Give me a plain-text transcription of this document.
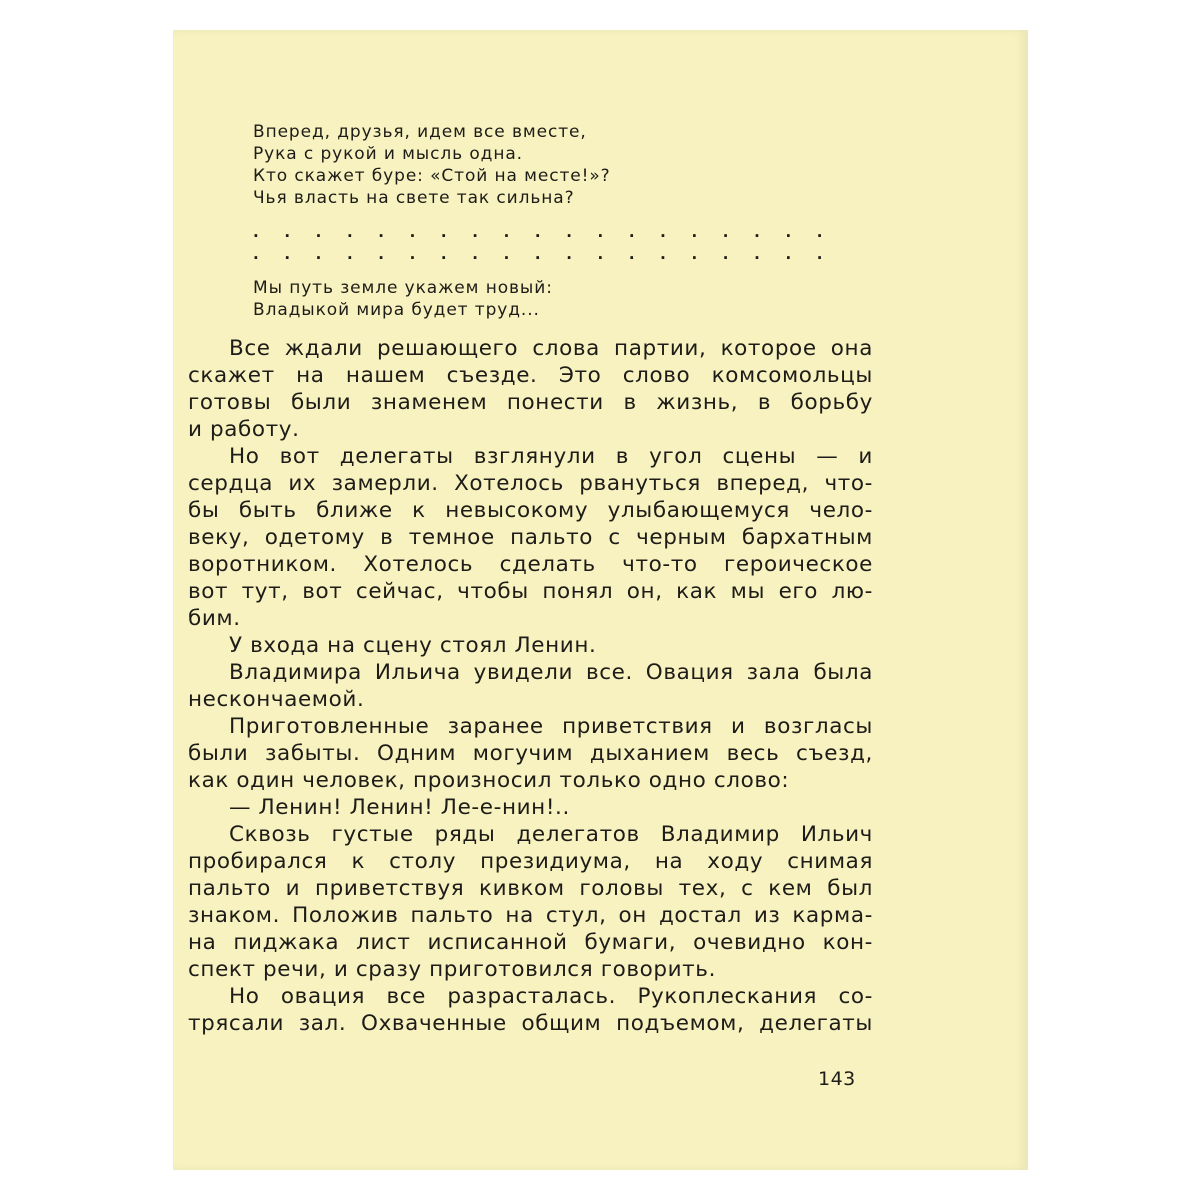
Вперед, друзья, идем все вместе,
Рука с рукой и мысль одна.
Кто скажет буре: «Стой на месте!»?
Чья власть на свете так сильна?
. . . . . . . . . . . . . . . . . . .
. . . . . . . . . . . . . . . . . . .
Мы путь земле укажем новый:
Владыкой мира будет труд...
Все ждали решающего слова партии, которое она
скажет на нашем съезде. Это слово комсомольцы
готовы были знаменем понести в жизнь, в борьбу
и работу.
Но вот делегаты взглянули в угол сцены — и
сердца их замерли. Хотелось рвануться вперед, что-
бы быть ближе к невысокому улыбающемуся чело-
веку, одетому в темное пальто с черным бархатным
воротником. Хотелось сделать что-то героическое
вот тут, вот сейчас, чтобы понял он, как мы его лю-
бим.
У входа на сцену стоял Ленин.
Владимира Ильича увидели все. Овация зала была
нескончаемой.
Приготовленные заранее приветствия и возгласы
были забыты. Одним могучим дыханием весь съезд,
как один человек, произносил только одно слово:
— Ленин! Ленин! Ле-е-нин!..
Сквозь густые ряды делегатов Владимир Ильич
пробирался к столу президиума, на ходу снимая
пальто и приветствуя кивком головы тех, с кем был
знаком. Положив пальто на стул, он достал из карма-
на пиджака лист исписанной бумаги, очевидно кон-
спект речи, и сразу приготовился говорить.
Но овация все разрасталась. Рукоплескания со-
трясали зал. Охваченные общим подъемом, делегаты
143
